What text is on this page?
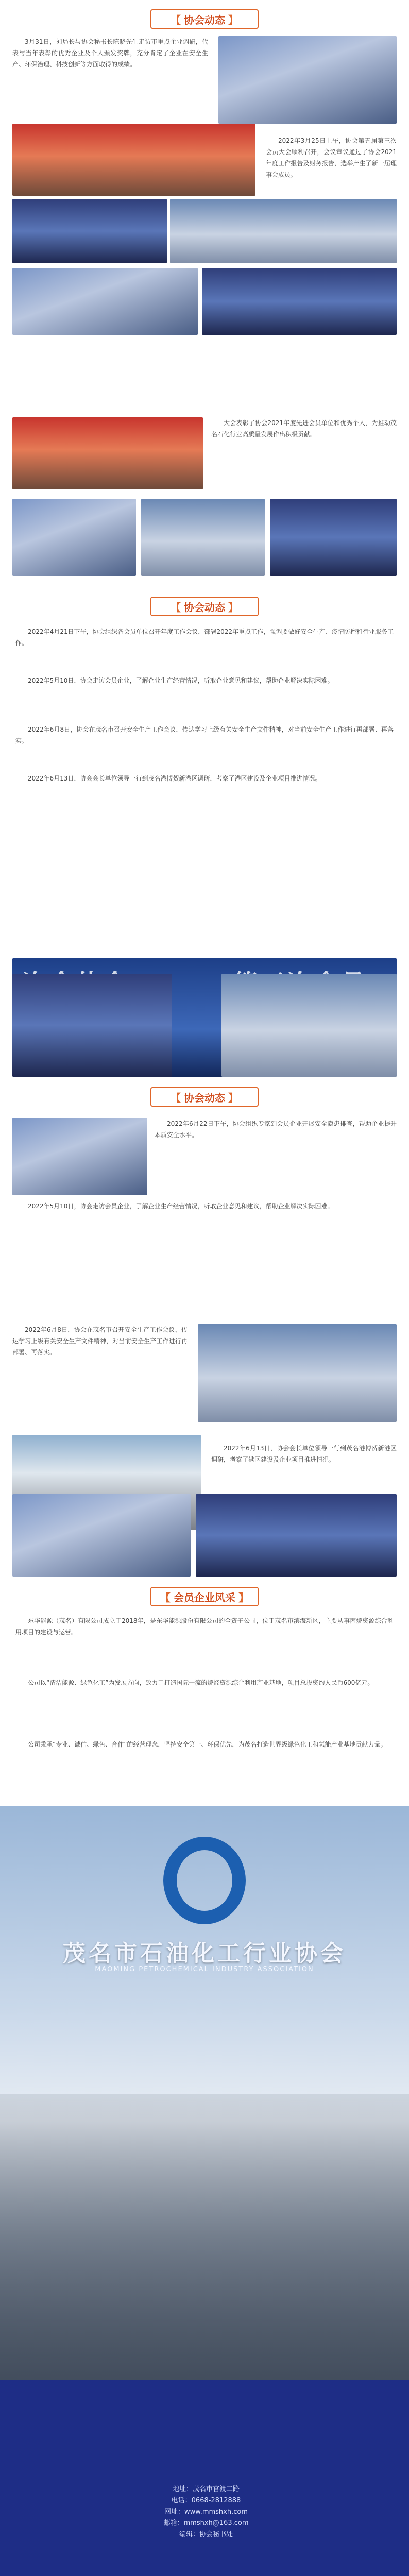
【 协会动态 】
3月31日，刘局长与协会秘书长陈晓先生走访市重点企业调研，代表与当年表彰的优秀企业及个人颁发奖牌，充分肯定了企业在安全生产、环保治理、科技创新等方面取得的成绩。
2022年3月25日上午，协会第五届第三次会员大会顺利召开，会议审议通过了协会2021年度工作报告及财务报告，选举产生了新一届理事会成员。
大会表彰了协会2021年度先进会员单位和优秀个人，为推动茂名石化行业高质量发展作出积极贡献。
【 协会动态 】
2022年4月21日下午，协会组织各会员单位召开年度工作会议，部署2022年重点工作，强调要做好安全生产、疫情防控和行业服务工作。
2022年5月10日，协会走访会员企业，了解企业生产经营情况，听取企业意见和建议，帮助企业解决实际困难。
2022年6月8日，协会在茂名市召开安全生产工作会议，传达学习上级有关安全生产文件精神，对当前安全生产工作进行再部署、再落实。
2022年6月13日，协会会长单位领导一行到茂名港博贺新港区调研，考察了港区建设及企业项目推进情况。
【 协会动态 】
2022年6月22日下午，协会组织专家到会员企业开展安全隐患排查，帮助企业提升本质安全水平。
2022年5月10日，协会走访会员企业，了解企业生产经营情况，听取企业意见和建议，帮助企业解决实际困难。
2022年6月8日，协会在茂名市召开安全生产工作会议，传达学习上级有关安全生产文件精神，对当前安全生产工作进行再部署、再落实。
2022年6月13日，协会会长单位领导一行到茂名港博贺新港区调研，考察了港区建设及企业项目推进情况。
【 会员企业风采 】
东华能源（茂名）有限公司成立于2018年，是东华能源股份有限公司的全资子公司，位于茂名市滨海新区，主要从事丙烷资源综合利用项目的建设与运营。
公司以“清洁能源、绿色化工”为发展方向，致力于打造国际一流的烷烃资源综合利用产业基地，项目总投资约人民币600亿元。
公司秉承“专业、诚信、绿色、合作”的经营理念，坚持安全第一、环保优先，为茂名打造世界级绿色化工和氢能产业基地贡献力量。
茂名市石油化工行业协会
MAOMING PETROCHEMICAL INDUSTRY ASSOCIATION
地址：茂名市官渡二路
电话：0668-2812888
网址：www.mmshxh.com
邮箱：mmshxh@163.com
编辑：协会秘书处
